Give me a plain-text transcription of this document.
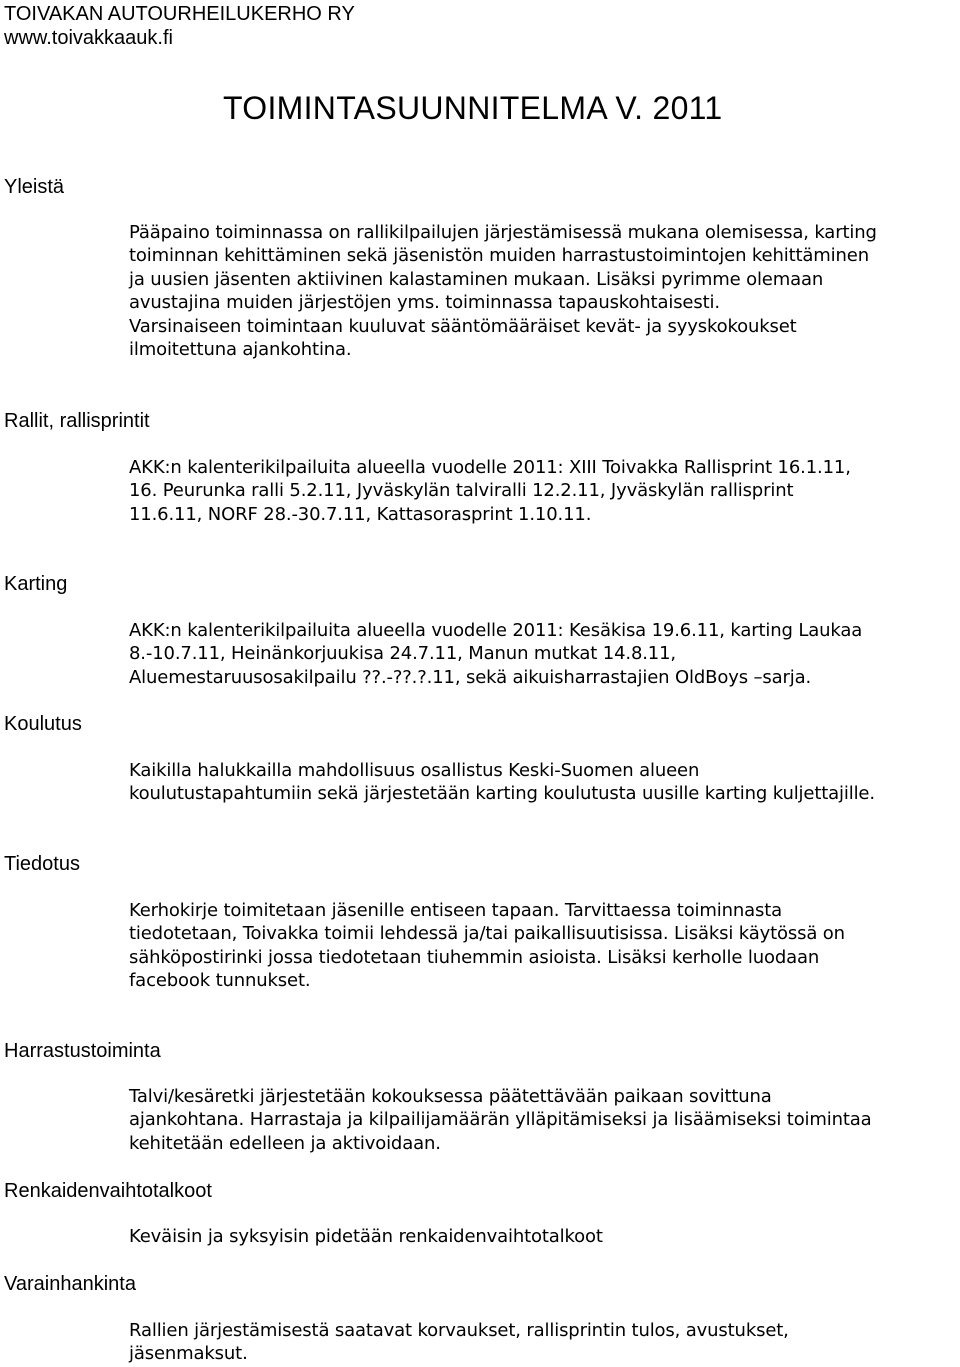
TOIVAKAN AUTOURHEILUKERHO RY
www.toivakkaauk.fi
TOIMINTASUUNNITELMA V. 2011
Yleistä
Pääpaino toiminnassa on rallikilpailujen järjestämisessä mukana olemisessa, karting
toiminnan kehittäminen sekä jäsenistön muiden harrastustoimintojen kehittäminen
ja uusien jäsenten aktiivinen kalastaminen mukaan. Lisäksi pyrimme olemaan
avustajina muiden järjestöjen yms. toiminnassa tapauskohtaisesti.
Varsinaiseen toimintaan kuuluvat sääntömääräiset kevät- ja syyskokoukset
ilmoitettuna ajankohtina.
Rallit, rallisprintit
AKK:n kalenterikilpailuita alueella vuodelle 2011: XIII Toivakka Rallisprint 16.1.11,
16. Peurunka ralli 5.2.11, Jyväskylän talviralli 12.2.11, Jyväskylän rallisprint
11.6.11, NORF 28.-30.7.11, Kattasorasprint 1.10.11.
Karting
AKK:n kalenterikilpailuita alueella vuodelle 2011: Kesäkisa 19.6.11, karting Laukaa
8.-10.7.11, Heinänkorjuukisa 24.7.11, Manun mutkat 14.8.11,
Aluemestaruusosakilpailu ??.-??.?.11, sekä aikuisharrastajien OldBoys –sarja.
Koulutus
Kaikilla halukkailla mahdollisuus osallistus Keski-Suomen alueen
koulutustapahtumiin sekä järjestetään karting koulutusta uusille karting kuljettajille.
Tiedotus
Kerhokirje toimitetaan jäsenille entiseen tapaan. Tarvittaessa toiminnasta
tiedotetaan, Toivakka toimii lehdessä ja/tai paikallisuutisissa. Lisäksi käytössä on
sähköpostirinki jossa tiedotetaan tiuhemmin asioista. Lisäksi kerholle luodaan
facebook tunnukset.
Harrastustoiminta
Talvi/kesäretki järjestetään kokouksessa päätettävään paikaan sovittuna
ajankohtana. Harrastaja ja kilpailijamäärän ylläpitämiseksi ja lisäämiseksi toimintaa
kehitetään edelleen ja aktivoidaan.
Renkaidenvaihtotalkoot
Keväisin ja syksyisin pidetään renkaidenvaihtotalkoot
Varainhankinta
Rallien järjestämisestä saatavat korvaukset, rallisprintin tulos, avustukset,
jäsenmaksut.
